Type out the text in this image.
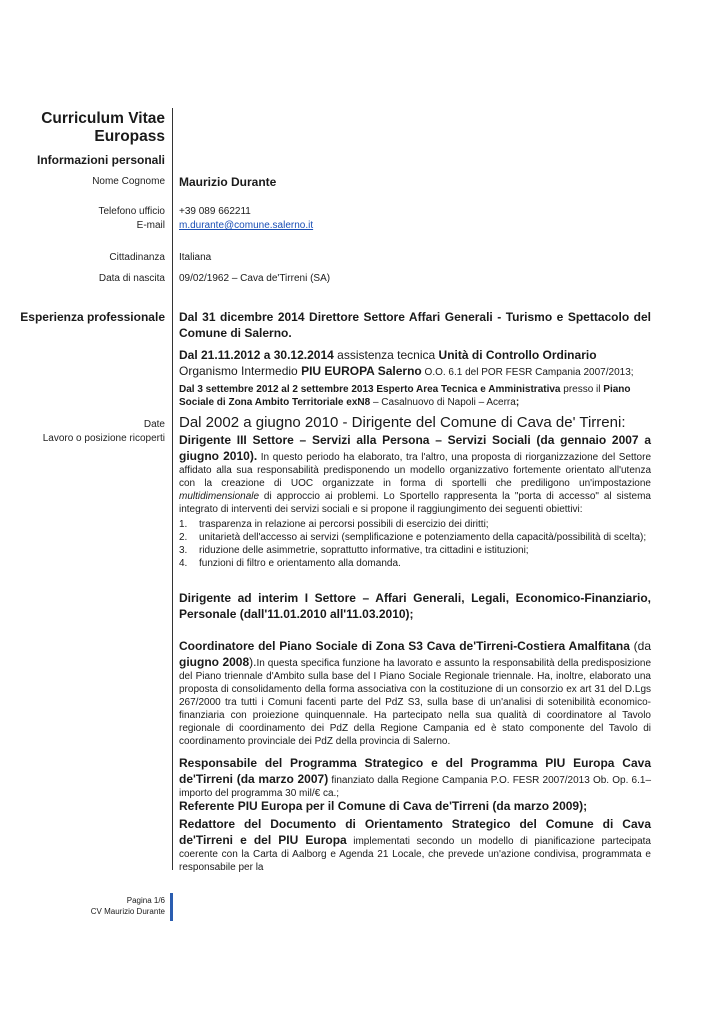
Curriculum Vitae
Europass
Informazioni personali
Nome Cognome Maurizio Durante
Telefono ufficio +39 089 662211
E-mail m.durante@comune.salerno.it
Cittadinanza Italiana
Data di nascita 09/02/1962 – Cava de'Tirreni (SA)
Esperienza professionale
Date
Lavoro o posizione ricoperti
Dal 31 dicembre 2014 Direttore Settore Affari Generali - Turismo e Spettacolo del Comune di Salerno.
Dal 21.11.2012 a 30.12.2014 assistenza tecnica Unità di Controllo Ordinario Organismo Intermedio PIU EUROPA Salerno O.O. 6.1 del POR FESR Campania 2007/2013;
Dal 3 settembre 2012 al 2 settembre 2013 Esperto Area Tecnica e Amministrativa presso il Piano Sociale di Zona Ambito Territoriale exN8 – Casalnuovo di Napoli – Acerra;
Dal 2002 a giugno 2010 - Dirigente del Comune di Cava de' Tirreni:
Dirigente III Settore – Servizi alla Persona – Servizi Sociali (da gennaio 2007 a giugno 2010). In questo periodo ha elaborato, tra l'altro, una proposta di riorganizzazione del Settore affidato alla sua responsabilità predisponendo un modello organizzativo fortemente orientato all'utenza con la creazione di UOC organizzate in forma di sportelli che prediligono un'impostazione multidimensionale di approccio ai problemi. Lo Sportello rappresenta la "porta di accesso" al sistema integrato di interventi dei servizi sociali e si propone il raggiungimento dei seguenti obiettivi:
1. trasparenza in relazione ai percorsi possibili di esercizio dei diritti;
2. unitarietà dell'accesso ai servizi (semplificazione e potenziamento della capacità/possibilità di scelta);
3. riduzione delle asimmetrie, soprattutto informative, tra cittadini e istituzioni;
4. funzioni di filtro e orientamento alla domanda.
Dirigente ad interim I Settore – Affari Generali, Legali, Economico-Finanziario, Personale (dall'11.01.2010 all'11.03.2010);
Coordinatore del Piano Sociale di Zona S3 Cava de'Tirreni-Costiera Amalfitana (da giugno 2008).In questa specifica funzione ha lavorato e assunto la responsabilità della predisposizione del Piano triennale d'Ambito sulla base del I Piano Sociale Regionale triennale. Ha, inoltre, elaborato una proposta di consolidamento della forma associativa con la costituzione di un consorzio ex art 31 del D.Lgs 267/2000 tra tutti i Comuni facenti parte del PdZ S3, sulla base di un'analisi di sotenibilità economico-finanziaria con proiezione quinquennale. Ha partecipato nella sua qualità di coordinatore al Tavolo regionale di coordinamento dei PdZ della Regione Campania ed è stato componente del Tavolo di coordinamento provinciale dei PdZ della provincia di Salerno.
Responsabile del Programma Strategico e del Programma PIU Europa Cava de'Tirreni (da marzo 2007) finanziato dalla Regione Campania P.O. FESR 2007/2013 Ob. Op. 6.1– importo del programma 30 mil/€ ca.;
Referente PIU Europa per il Comune di Cava de'Tirreni (da marzo 2009);
Redattore del Documento di Orientamento Strategico del Comune di Cava de'Tirreni e del PIU Europa implementati secondo un modello di pianificazione partecipata coerente con la Carta di Aalborg e Agenda 21 Locale, che prevede un'azione condivisa, programmata e responsabile per la
Pagina 1/6
CV Maurizio Durante
